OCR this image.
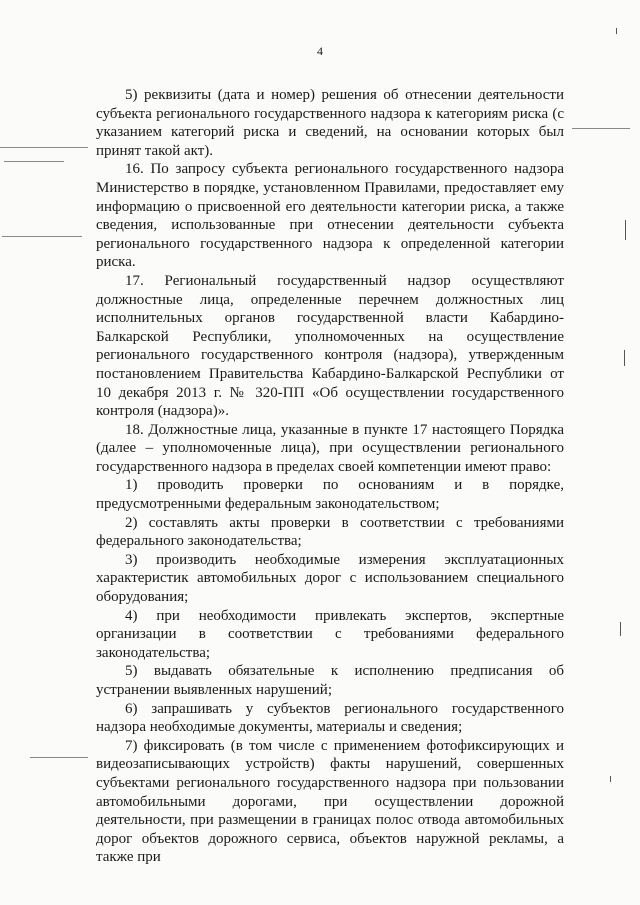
4

5) реквизиты (дата и номер) решения об отнесении деятельности субъекта регионального государственного надзора к категориям риска (с указанием категорий риска и сведений, на основании которых был принят такой акт).

16. По запросу субъекта регионального государственного надзора Министерство в порядке, установленном Правилами, предоставляет ему информацию о присвоенной его деятельности категории риска, а также сведения, использованные при отнесении деятельности субъекта регионального государственного надзора к определенной категории риска.

17. Региональный государственный надзор осуществляют должностные лица, определенные перечнем должностных лиц исполнительных органов государственной власти Кабардино-Балкарской Республики, уполномоченных на осуществление регионального государственного контроля (надзора), утвержденным постановлением Правительства Кабардино-Балкарской Республики от 10 декабря 2013 г. № 320-ПП «Об осуществлении государственного контроля (надзора)».

18. Должностные лица, указанные в пункте 17 настоящего Порядка (далее – уполномоченные лица), при осуществлении регионального государственного надзора в пределах своей компетенции имеют право:

1) проводить проверки по основаниям и в порядке, предусмотренными федеральным законодательством;

2) составлять акты проверки в соответствии с требованиями федерального законодательства;

3) производить необходимые измерения эксплуатационных характеристик автомобильных дорог с использованием специального оборудования;

4) при необходимости привлекать экспертов, экспертные организации в соответствии с требованиями федерального законодательства;

5) выдавать обязательные к исполнению предписания об устранении выявленных нарушений;

6) запрашивать у субъектов регионального государственного надзора необходимые документы, материалы и сведения;

7) фиксировать (в том числе с применением фотофиксирующих и видеозаписывающих устройств) факты нарушений, совершенных субъектами регионального государственного надзора при пользовании автомобильными дорогами, при осуществлении дорожной деятельности, при размещении в границах полос отвода автомобильных дорог объектов дорожного сервиса, объектов наружной рекламы, а также при
